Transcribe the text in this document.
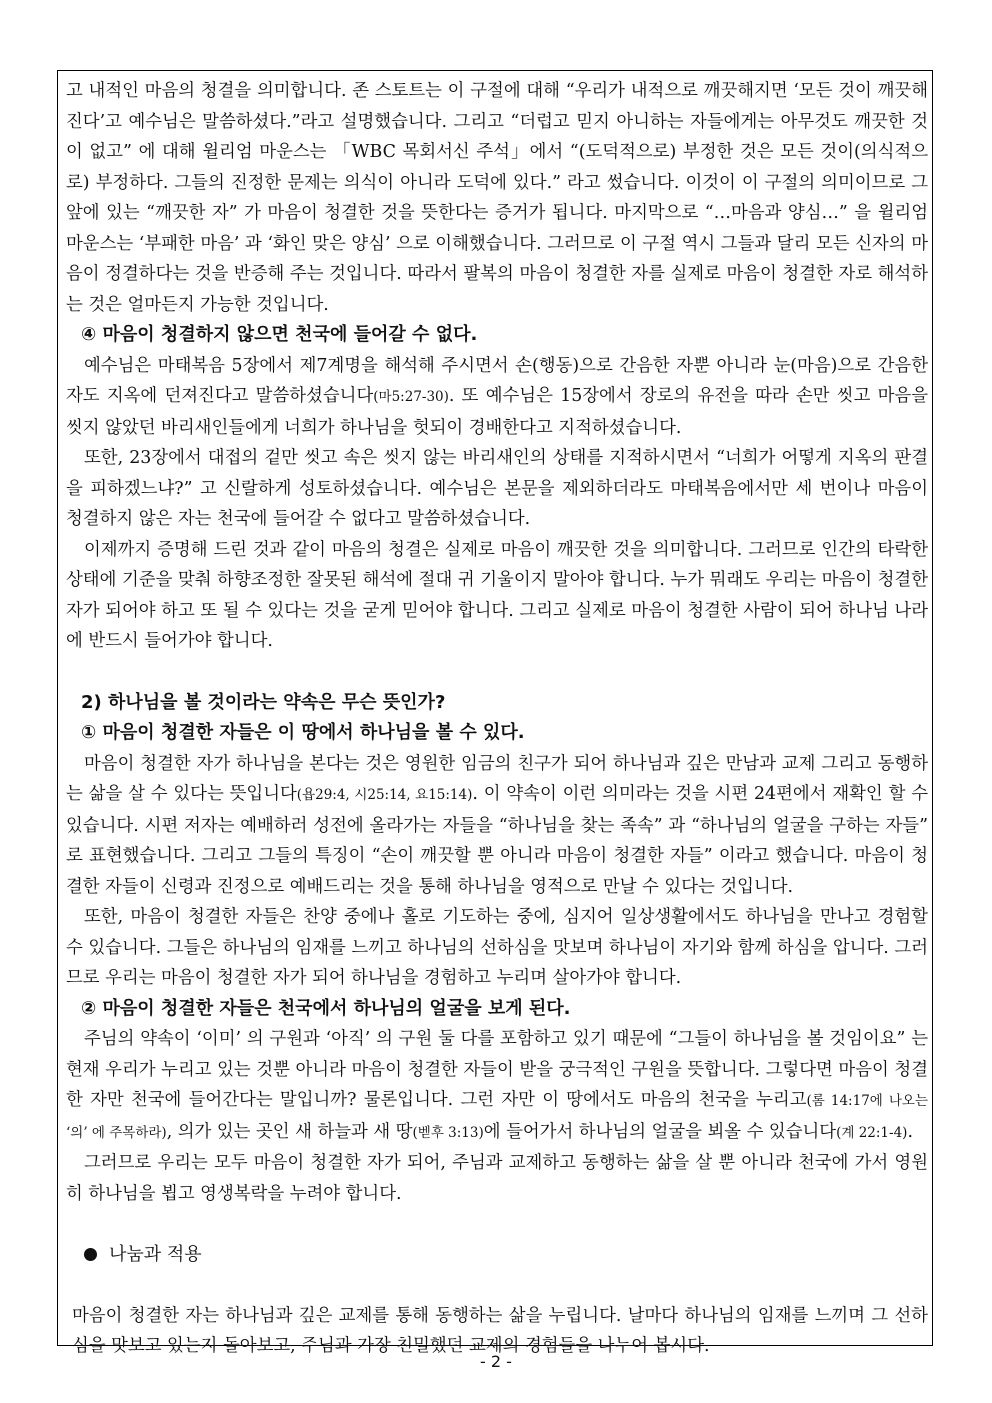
고 내적인 마음의 청결을 의미합니다. 존 스토트는 이 구절에 대해 “우리가 내적으로 깨끗해지면 ‘모든 것이 깨끗해진다’고 예수님은 말씀하셨다.”라고 설명했습니다. 그리고 “더럽고 믿지 아니하는 자들에게는 아무것도 깨끗한 것이 없고” 에 대해 윌리엄 마운스는 「WBC 목회서신 주석」에서 “(도덕적으로) 부정한 것은 모든 것이(의식적으로) 부정하다. 그들의 진정한 문제는 의식이 아니라 도덕에 있다.” 라고 썼습니다. 이것이 이 구절의 의미이므로 그 앞에 있는 “깨끗한 자” 가 마음이 청결한 것을 뜻한다는 증거가 됩니다. 마지막으로 “…마음과 양심…” 을 윌리엄 마운스는 ‘부패한 마음’ 과 ‘화인 맞은 양심’ 으로 이해했습니다. 그러므로 이 구절 역시 그들과 달리 모든 신자의 마음이 정결하다는 것을 반증해 주는 것입니다. 따라서 팔복의 마음이 청결한 자를 실제로 마음이 청결한 자로 해석하는 것은 얼마든지 가능한 것입니다.

④ 마음이 청결하지 않으면 천국에 들어갈 수 없다.

예수님은 마태복음 5장에서 제7계명을 해석해 주시면서 손(행동)으로 간음한 자뿐 아니라 눈(마음)으로 간음한 자도 지옥에 던져진다고 말씀하셨습니다(마5:27-30). 또 예수님은 15장에서 장로의 유전을 따라 손만 씻고 마음을 씻지 않았던 바리새인들에게 너희가 하나님을 헛되이 경배한다고 지적하셨습니다.

또한, 23장에서 대접의 겉만 씻고 속은 씻지 않는 바리새인의 상태를 지적하시면서 “너희가 어떻게 지옥의 판결을 피하겠느냐?” 고 신랄하게 성토하셨습니다. 예수님은 본문을 제외하더라도 마태복음에서만 세 번이나 마음이 청결하지 않은 자는 천국에 들어갈 수 없다고 말씀하셨습니다.

이제까지 증명해 드린 것과 같이 마음의 청결은 실제로 마음이 깨끗한 것을 의미합니다. 그러므로 인간의 타락한 상태에 기준을 맞춰 하향조정한 잘못된 해석에 절대 귀 기울이지 말아야 합니다. 누가 뭐래도 우리는 마음이 청결한 자가 되어야 하고 또 될 수 있다는 것을 굳게 믿어야 합니다. 그리고 실제로 마음이 청결한 사람이 되어 하나님 나라에 반드시 들어가야 합니다.

2) 하나님을 볼 것이라는 약속은 무슨 뜻인가?

① 마음이 청결한 자들은 이 땅에서 하나님을 볼 수 있다.

마음이 청결한 자가 하나님을 본다는 것은 영원한 임금의 친구가 되어 하나님과 깊은 만남과 교제 그리고 동행하는 삶을 살 수 있다는 뜻입니다(욥29:4, 시25:14, 요15:14). 이 약속이 이런 의미라는 것을 시편 24편에서 재확인 할 수 있습니다. 시편 저자는 예배하러 성전에 올라가는 자들을 “하나님을 찾는 족속” 과 “하나님의 얼굴을 구하는 자들” 로 표현했습니다. 그리고 그들의 특징이 “손이 깨끗할 뿐 아니라 마음이 청결한 자들” 이라고 했습니다. 마음이 청결한 자들이 신령과 진정으로 예배드리는 것을 통해 하나님을 영적으로 만날 수 있다는 것입니다.

또한, 마음이 청결한 자들은 찬양 중에나 홀로 기도하는 중에, 심지어 일상생활에서도 하나님을 만나고 경험할 수 있습니다. 그들은 하나님의 임재를 느끼고 하나님의 선하심을 맛보며 하나님이 자기와 함께 하심을 압니다. 그러므로 우리는 마음이 청결한 자가 되어 하나님을 경험하고 누리며 살아가야 합니다.

② 마음이 청결한 자들은 천국에서 하나님의 얼굴을 보게 된다.

주님의 약속이 ‘이미’ 의 구원과 ‘아직’ 의 구원 둘 다를 포함하고 있기 때문에 “그들이 하나님을 볼 것임이요” 는 현재 우리가 누리고 있는 것뿐 아니라 마음이 청결한 자들이 받을 궁극적인 구원을 뜻합니다. 그렇다면 마음이 청결한 자만 천국에 들어간다는 말입니까? 물론입니다. 그런 자만 이 땅에서도 마음의 천국을 누리고(롬 14:17에 나오는 ‘의’ 에 주목하라), 의가 있는 곳인 새 하늘과 새 땅(벧후 3:13)에 들어가서 하나님의 얼굴을 뵈올 수 있습니다(계 22:1-4).

그러므로 우리는 모두 마음이 청결한 자가 되어, 주님과 교제하고 동행하는 삶을 살 뿐 아니라 천국에 가서 영원히 하나님을 뵙고 영생복락을 누려야 합니다.

나눔과 적용

마음이 청결한 자는 하나님과 깊은 교제를 통해 동행하는 삶을 누립니다. 날마다 하나님의 임재를 느끼며 그 선하심을 맛보고 있는지 돌아보고, 주님과 가장 친밀했던 교제의 경험들을 나누어 봅시다.

- 2 -
